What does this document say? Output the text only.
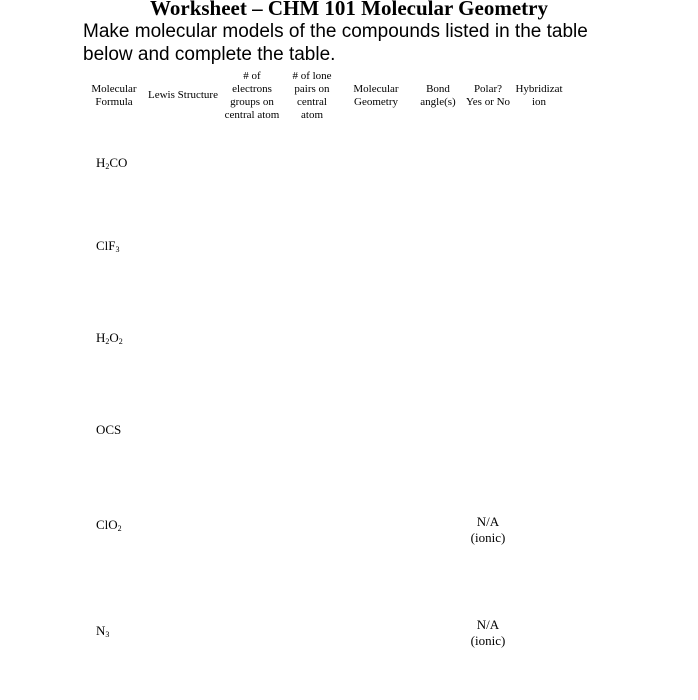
Worksheet – CHM 101 Molecular Geometry
Make molecular models of the compounds listed in the table
below and complete the table.
Molecular
Formula
Lewis Structure
# of
electrons
groups on
central atom
# of lone
pairs on
central
atom
Molecular
Geometry
Bond
angle(s)
Polar?
Yes or No
Hybridizat
ion
$H_2CO$
ClF$_3$
$H_2O_2$
OCS
ClO$_2$	N/A
(ionic)
$N_3$
N/A
(ionic)
